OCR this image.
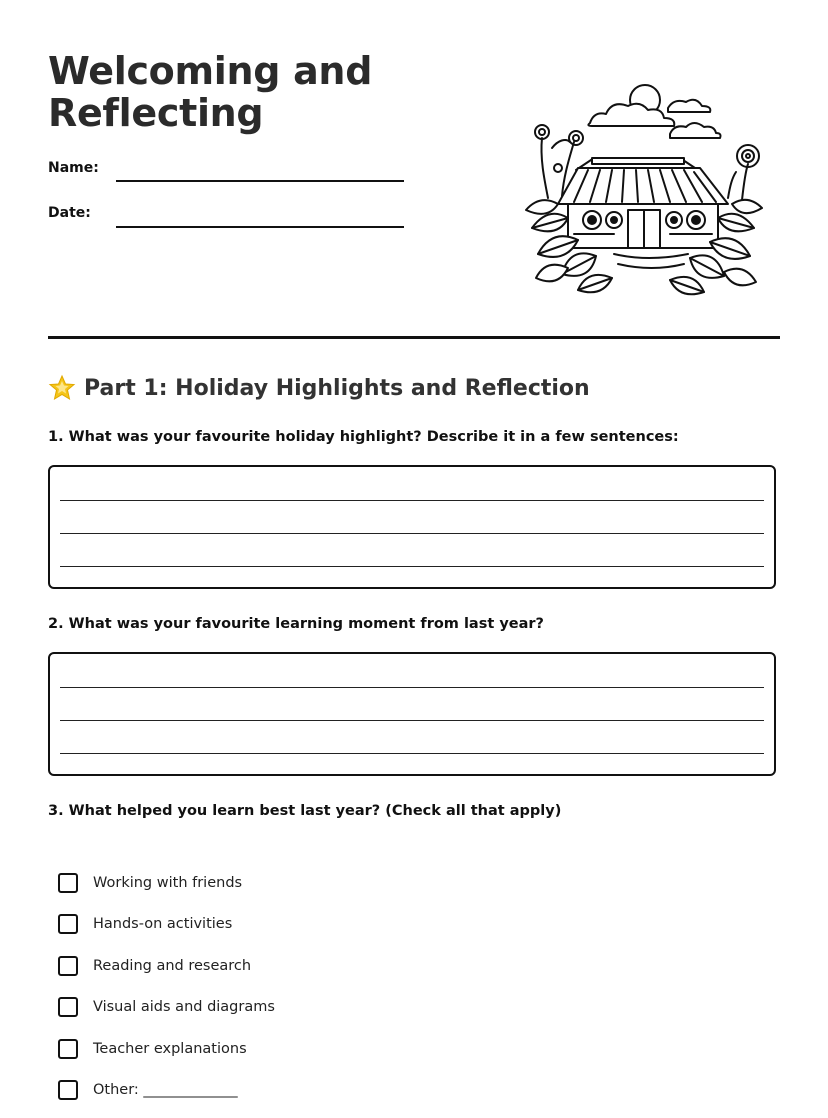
Welcoming and Reflecting
Name:
Date:
Part 1: Holiday Highlights and Reflection

1. What was your favourite holiday highlight? Describe it in a few sentences:

2. What was your favourite learning moment from last year?

3. What helped you learn best last year? (Check all that apply)

Working with friends
Hands-on activities
Reading and research
Visual aids and diagrams
Teacher explanations
Other: _____________
